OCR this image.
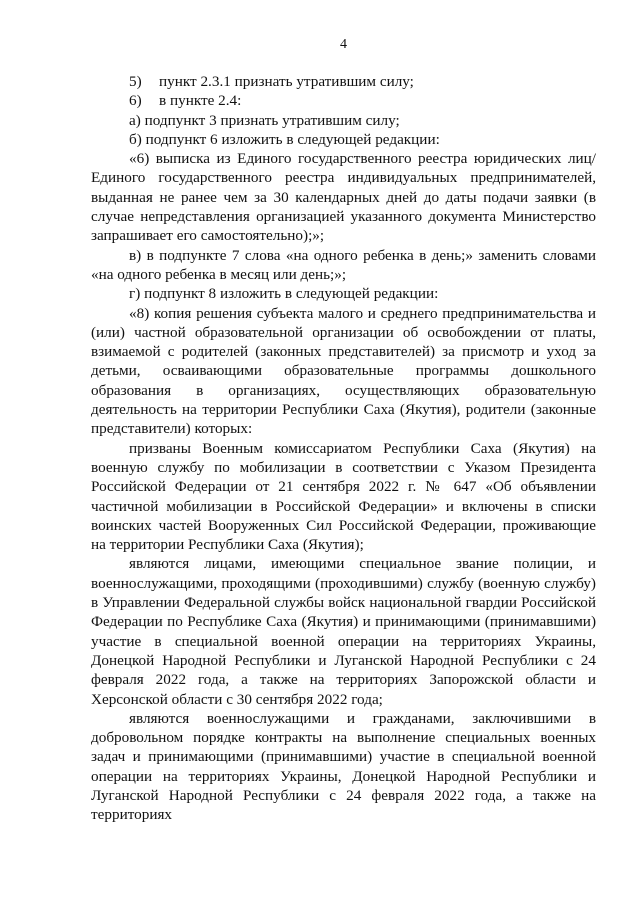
4

5)	пункт 2.3.1 признать утратившим силу;

6)	в пункте 2.4:

а) подпункт 3 признать утратившим силу;

б) подпункт 6 изложить в следующей редакции:

«6) выписка из Единого государственного реестра юридических лиц/Единого государственного реестра индивидуальных предпринимателей, выданная не ранее чем за 30 календарных дней до даты подачи заявки (в случае непредставления организацией указанного документа Министерство запрашивает его самостоятельно);»;

в) в подпункте 7 слова «на одного ребенка в день;» заменить словами «на одного ребенка в месяц или день;»;

г) подпункт 8 изложить в следующей редакции:

«8) копия решения субъекта малого и среднего предпринимательства и (или) частной образовательной организации об освобождении от платы, взимаемой с родителей (законных представителей) за присмотр и уход за детьми, осваивающими образовательные программы дошкольного образования в организациях, осуществляющих образовательную деятельность на территории Республики Саха (Якутия), родители (законные представители) которых:

призваны Военным комиссариатом Республики Саха (Якутия) на военную службу по мобилизации в соответствии с Указом Президента Российской Федерации от 21 сентября 2022 г. № 647 «Об объявлении частичной мобилизации в Российской Федерации» и включены в списки воинских частей Вооруженных Сил Российской Федерации, проживающие на территории Республики Саха (Якутия);

являются лицами, имеющими специальное звание полиции, и военнослужащими, проходящими (проходившими) службу (военную службу) в Управлении Федеральной службы войск национальной гвардии Российской Федерации по Республике Саха (Якутия) и принимающими (принимавшими) участие в специальной военной операции на территориях Украины, Донецкой Народной Республики и Луганской Народной Республики с 24 февраля 2022 года, а также на территориях Запорожской области и Херсонской области с 30 сентября 2022 года;

являются военнослужащими и гражданами, заключившими в добровольном порядке контракты на выполнение специальных военных задач и принимающими (принимавшими) участие в специальной военной операции на территориях Украины, Донецкой Народной Республики и Луганской Народной Республики с 24 февраля 2022 года, а также на территориях
